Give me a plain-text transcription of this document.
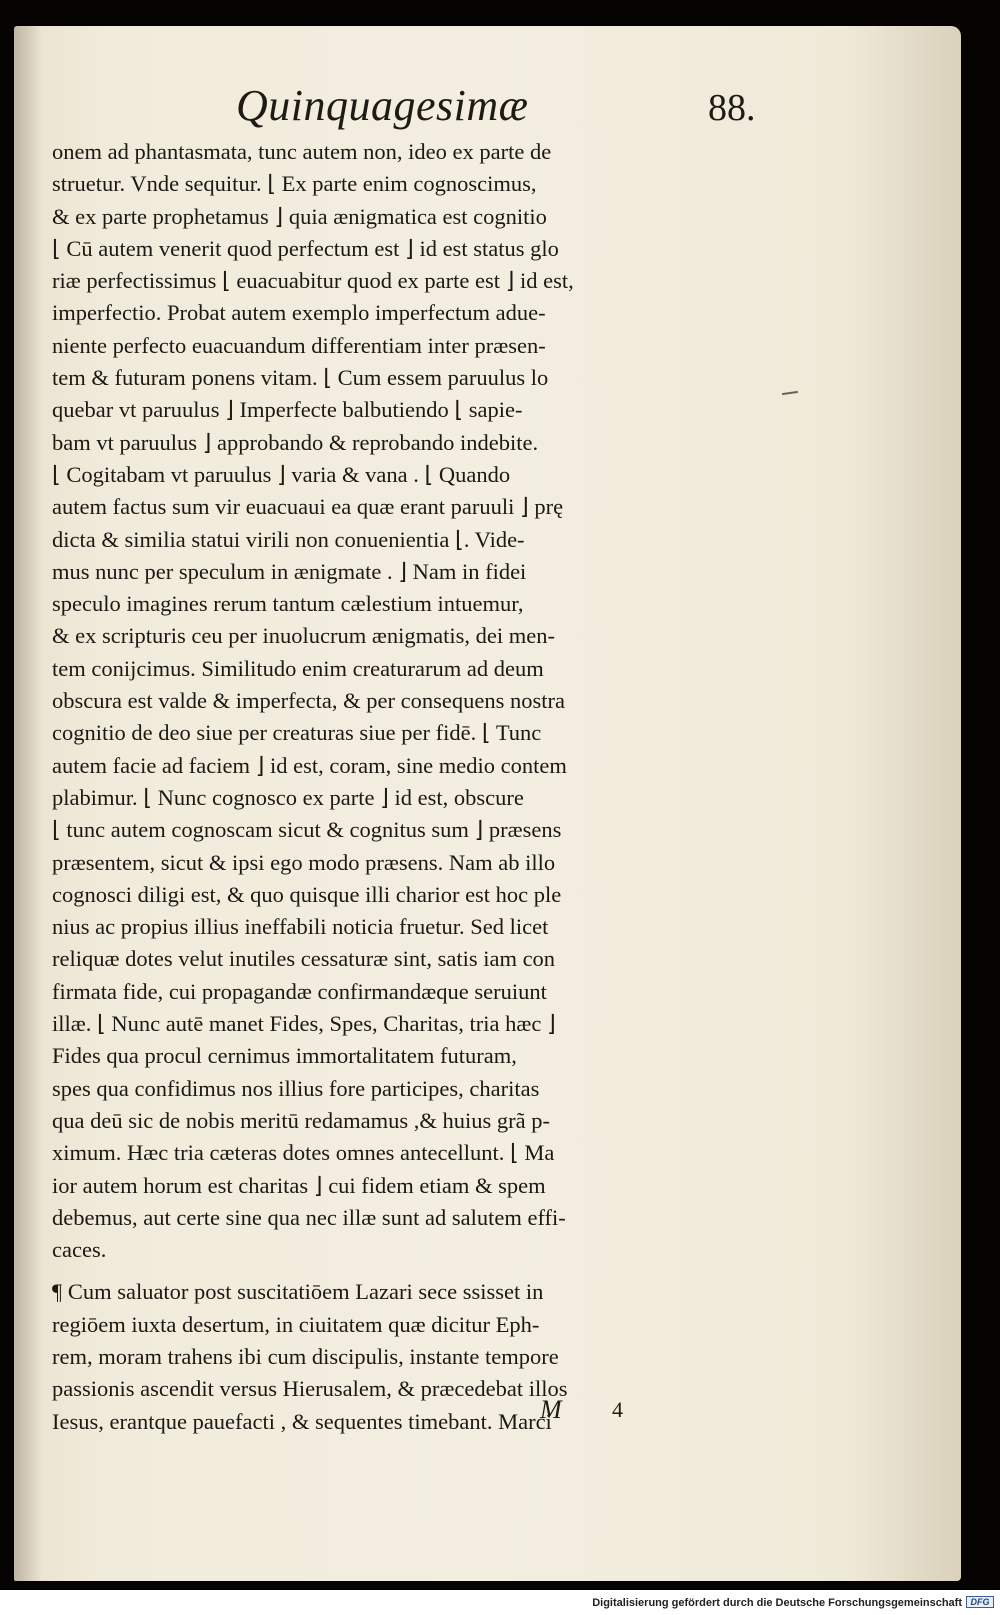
Quinquagesimæ	88.
onem ad phantasmata, tunc autem non, ideo ex parte de
struetur. Vnde sequitur. ⌊ Ex parte enim cognoscimus,
& ex parte prophetamus ⌋ quia ænigmatica est cognitio
⌊ Cū autem venerit quod perfectum est ⌋ id est status glo
riæ perfectissimus ⌊ euacuabitur quod ex parte est ⌋ id est,
imperfectio. Probat autem exemplo imperfectum adue-
niente perfecto euacuandum differentiam inter præsen-
tem & futuram ponens vitam. ⌊ Cum essem paruulus lo
quebar vt paruulus ⌋ Imperfecte balbutiendo ⌊ sapie-
bam vt paruulus ⌋ approbando & reprobando indebite.
⌊ Cogitabam vt paruulus ⌋ varia & vana . ⌊ Quando
autem factus sum vir euacuaui ea quæ erant paruuli ⌋ prę
dicta & similia statui virili non conuenientia ⌊. Vide-
mus nunc per speculum in ænigmate . ⌋ Nam in fidei
speculo imagines rerum tantum cælestium intuemur,
& ex scripturis ceu per inuolucrum ænigmatis, dei men-
tem conijcimus. Similitudo enim creaturarum ad deum
obscura est valde & imperfecta, & per consequens nostra
cognitio de deo siue per creaturas siue per fidē. ⌊ Tunc
autem facie ad faciem ⌋ id est, coram, sine medio contem
plabimur. ⌊ Nunc cognosco ex parte ⌋ id est, obscure
⌊ tunc autem cognoscam sicut & cognitus sum ⌋ præsens
præsentem, sicut & ipsi ego modo præsens. Nam ab illo
cognosci diligi est, & quo quisque illi charior est hoc ple
nius ac propius illius ineffabili noticia fruetur. Sed licet
reliquæ dotes velut inutiles cessaturæ sint, satis iam con
firmata fide, cui propagandæ confirmandæque seruiunt
illæ. ⌊ Nunc autē manet Fides, Spes, Charitas, tria hæc ⌋
Fides qua procul cernimus immortalitatem futuram,
spes qua confidimus nos illius fore participes, charitas
qua deū sic de nobis meritū redamamus ,& huius grã p-
ximum. Hæc tria cæteras dotes omnes antecellunt. ⌊ Ma
ior autem horum est charitas ⌋ cui fidem etiam & spem
debemus, aut certe sine qua nec illæ sunt ad salutem effi-
caces.
¶ Cum saluator post suscitatiōem Lazari sece ssisset in
regiōem iuxta desertum, in ciuitatem quæ dicitur Eph-
rem, moram trahens ibi cum discipulis, instante tempore
passionis ascendit versus Hierusalem, & præcedebat illos
Iesus, erantque pauefacti , & sequentes timebant. Marci
M 4
Digitalisierung gefördert durch die Deutsche Forschungsgemeinschaft DFG
